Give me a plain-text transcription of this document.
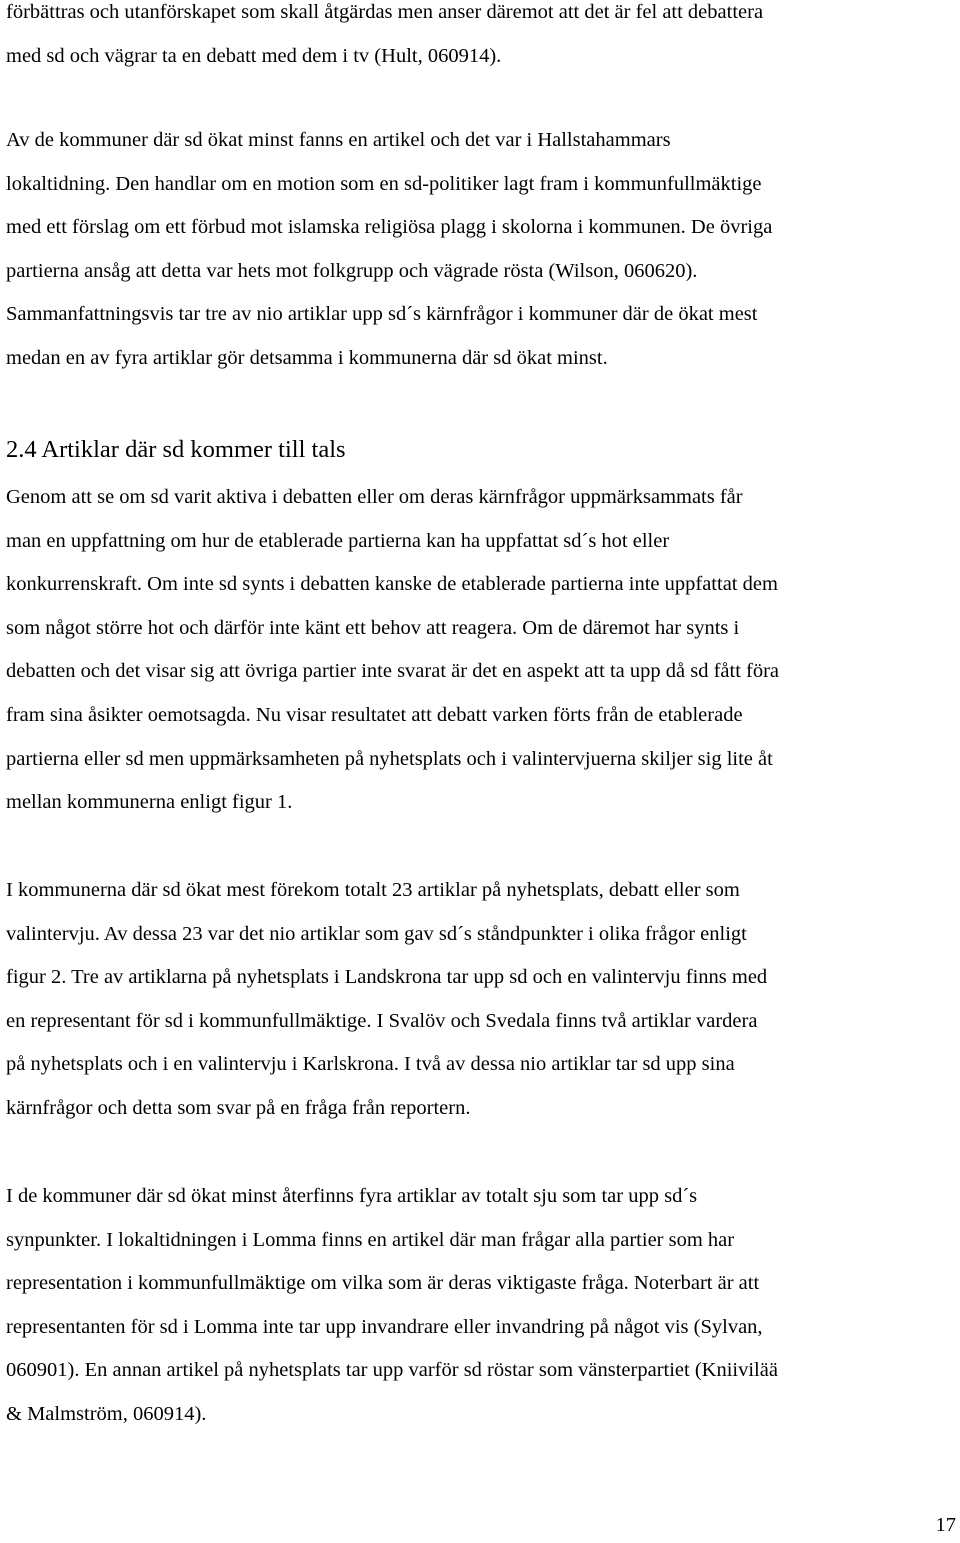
förbättras och utanförskapet som skall åtgärdas men anser däremot att det är fel att debattera
med sd och vägrar ta en debatt med dem i tv (Hult, 060914).

Av de kommuner där sd ökat minst fanns en artikel och det var i Hallstahammars
lokaltidning. Den handlar om en motion som en sd-politiker lagt fram i kommunfullmäktige
med ett förslag om ett förbud mot islamska religiösa plagg i skolorna i kommunen. De övriga
partierna ansåg att detta var hets mot folkgrupp och vägrade rösta (Wilson, 060620).
Sammanfattningsvis tar tre av nio artiklar upp sd´s kärnfrågor i kommuner där de ökat mest
medan en av fyra artiklar gör detsamma i kommunerna där sd ökat minst.

2.4 Artiklar där sd kommer till tals

Genom att se om sd varit aktiva i debatten eller om deras kärnfrågor uppmärksammats får
man en uppfattning om hur de etablerade partierna kan ha uppfattat sd´s hot eller
konkurrenskraft. Om inte sd synts i debatten kanske de etablerade partierna inte uppfattat dem
som något större hot och därför inte känt ett behov att reagera. Om de däremot har synts i
debatten och det visar sig att övriga partier inte svarat är det en aspekt att ta upp då sd fått föra
fram sina åsikter oemotsagda. Nu visar resultatet att debatt varken förts från de etablerade
partierna eller sd men uppmärksamheten på nyhetsplats och i valintervjuerna skiljer sig lite åt
mellan kommunerna enligt figur 1.

I kommunerna där sd ökat mest förekom totalt 23 artiklar på nyhetsplats, debatt eller som
valintervju. Av dessa 23 var det nio artiklar som gav sd´s ståndpunkter i olika frågor enligt
figur 2. Tre av artiklarna på nyhetsplats i Landskrona tar upp sd och en valintervju finns med
en representant för sd i kommunfullmäktige. I Svalöv och Svedala finns två artiklar vardera
på nyhetsplats och i en valintervju i Karlskrona. I två av dessa nio artiklar tar sd upp sina
kärnfrågor och detta som svar på en fråga från reportern.

I de kommuner där sd ökat minst återfinns fyra artiklar av totalt sju som tar upp sd´s
synpunkter. I lokaltidningen i Lomma finns en artikel där man frågar alla partier som har
representation i kommunfullmäktige om vilka som är deras viktigaste fråga. Noterbart är att
representanten för sd i Lomma inte tar upp invandrare eller invandring på något vis (Sylvan,
060901). En annan artikel på nyhetsplats tar upp varför sd röstar som vänsterpartiet (Kniivilää
& Malmström, 060914).

17
